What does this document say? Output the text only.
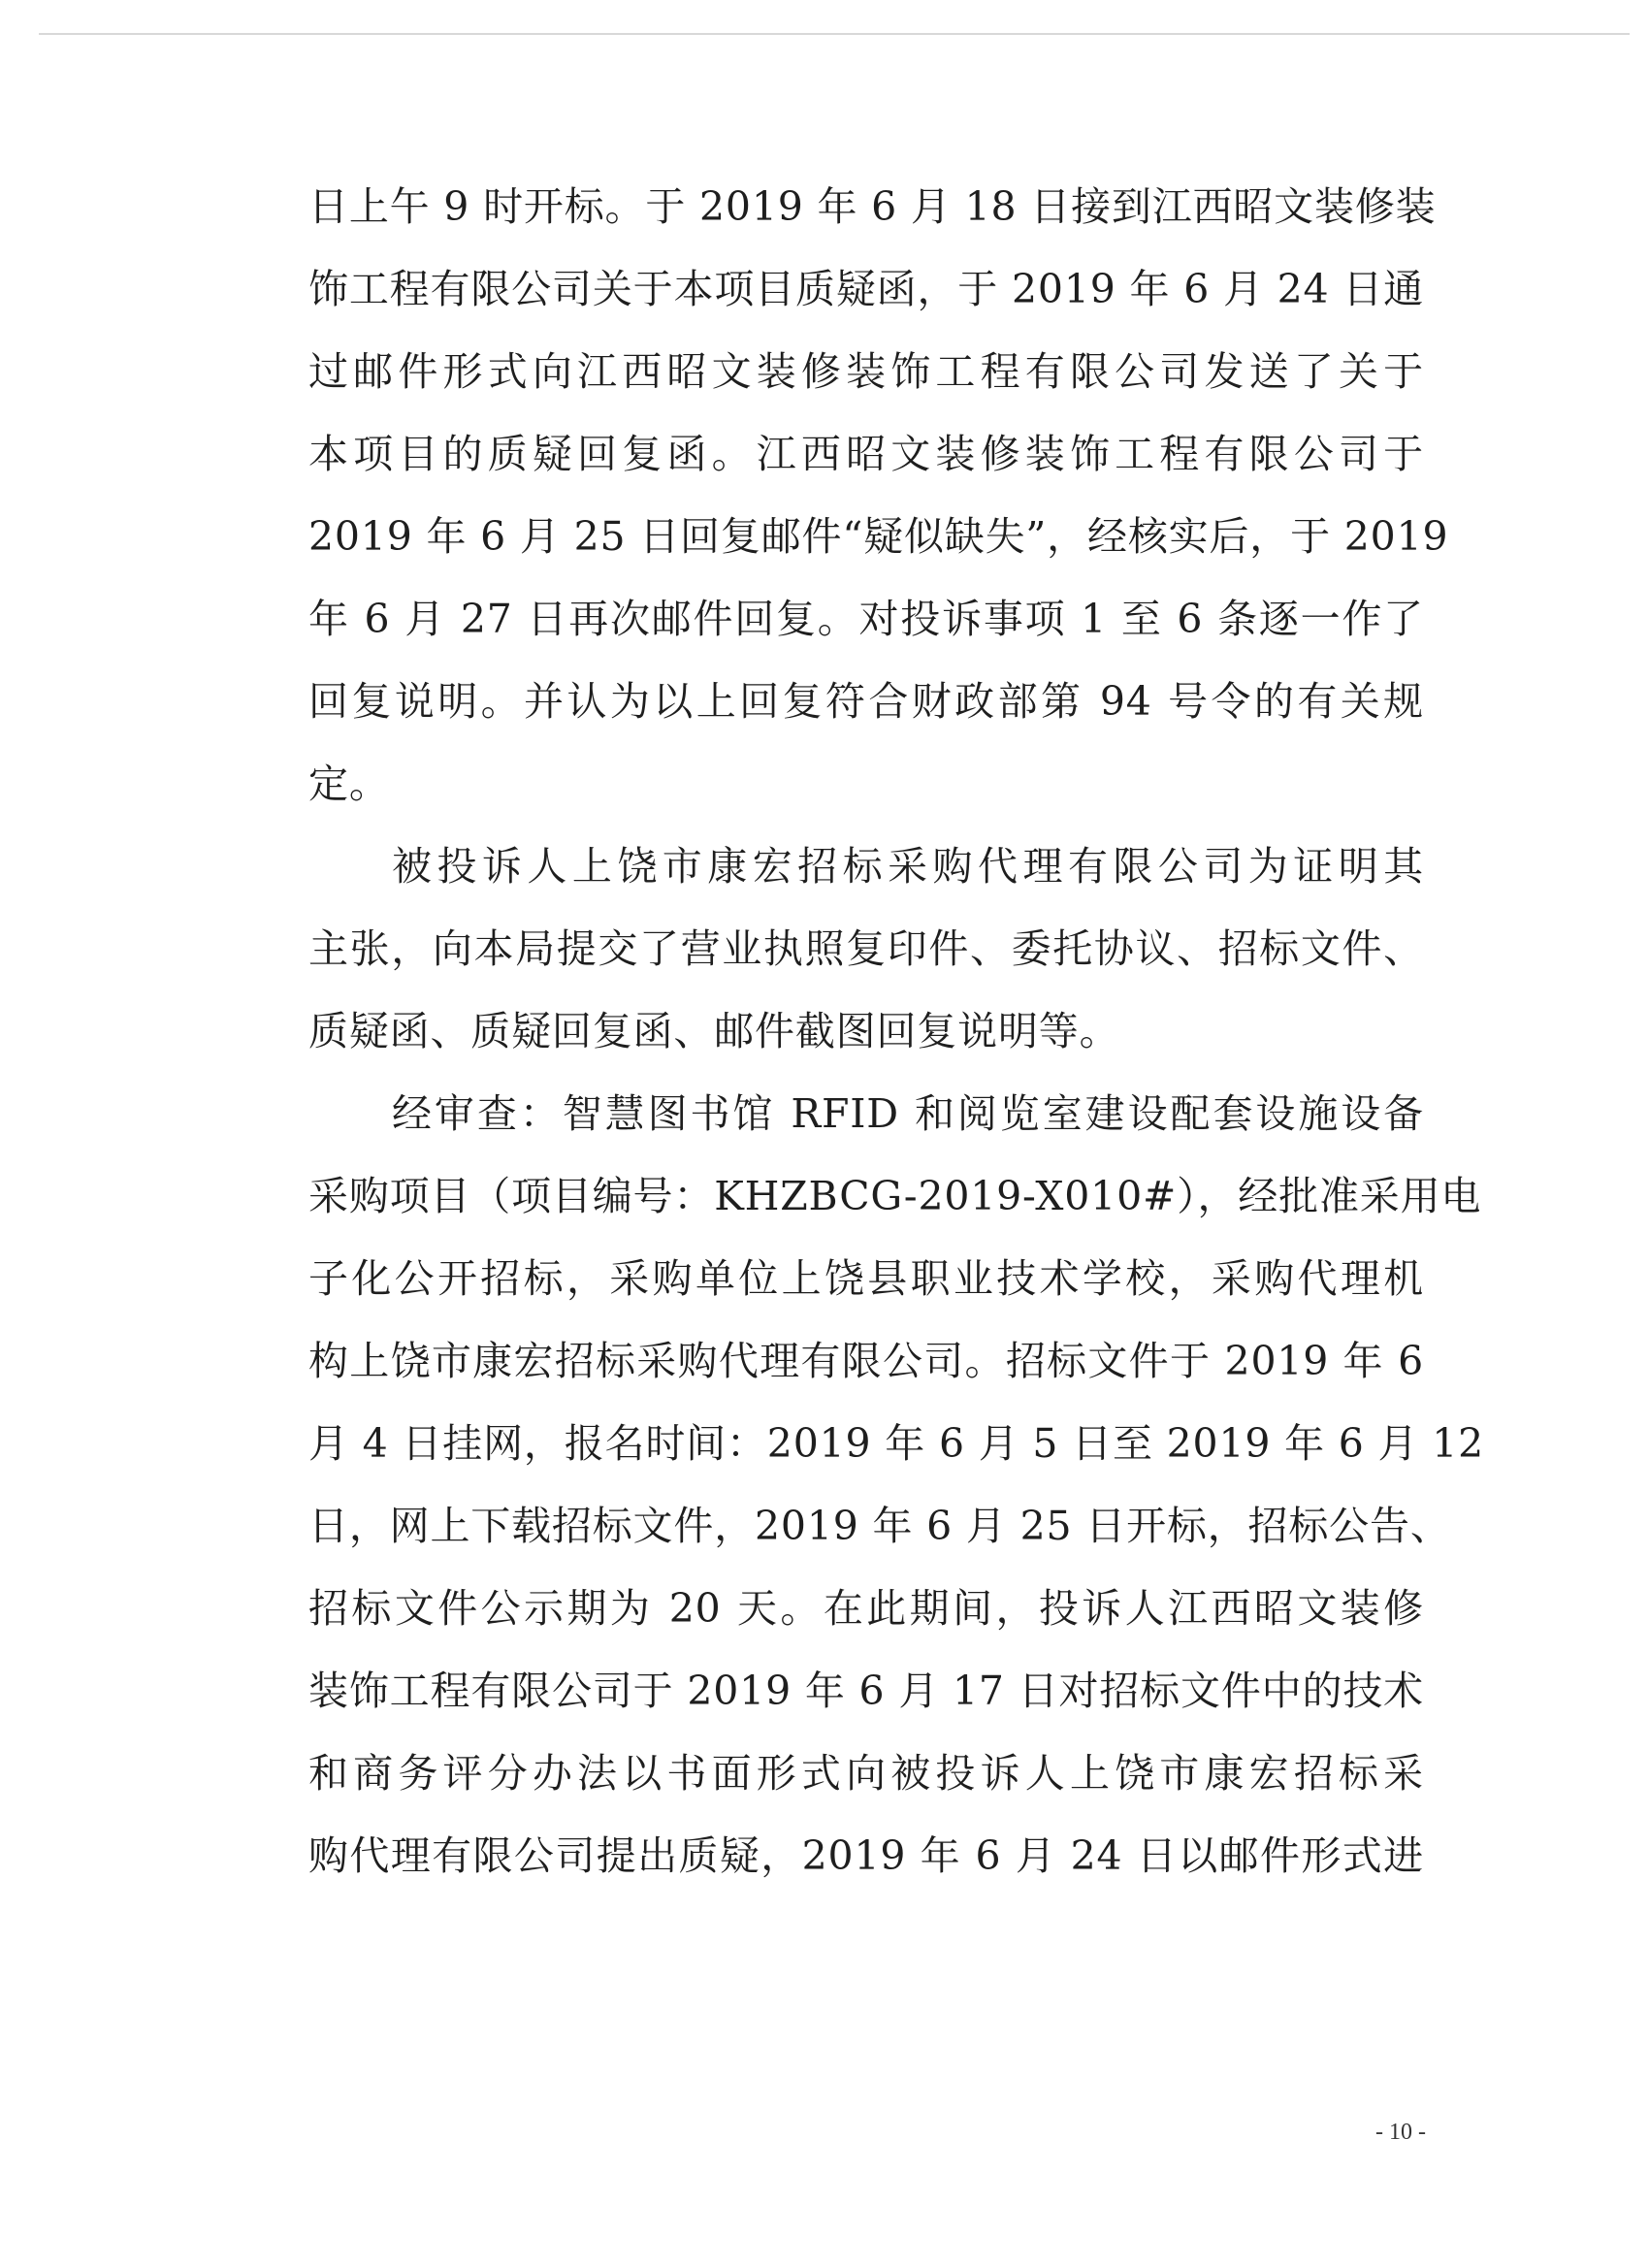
日上午 9 时开标。于 2019 年 6 月 18 日接到江西昭文装修装
饰工程有限公司关于本项目质疑函，于 2019 年 6 月 24 日通
过邮件形式向江西昭文装修装饰工程有限公司发送了关于
本项目的质疑回复函。江西昭文装修装饰工程有限公司于
2019 年 6 月 25 日回复邮件“疑似缺失”，经核实后，于 2019
年 6 月 27 日再次邮件回复。对投诉事项 1 至 6 条逐一作了
回复说明。并认为以上回复符合财政部第 94 号令的有关规
定。
被投诉人上饶市康宏招标采购代理有限公司为证明其
主张，向本局提交了营业执照复印件、委托协议、招标文件、
质疑函、质疑回复函、邮件截图回复说明等。
经审查：智慧图书馆 RFID 和阅览室建设配套设施设备
采购项目（项目编号：KHZBCG-2019-X010#），经批准采用电
子化公开招标，采购单位上饶县职业技术学校，采购代理机
构上饶市康宏招标采购代理有限公司。招标文件于 2019 年 6
月 4 日挂网，报名时间：2019 年 6 月 5 日至 2019 年 6 月 12
日，网上下载招标文件，2019 年 6 月 25 日开标，招标公告、
招标文件公示期为 20 天。在此期间，投诉人江西昭文装修
装饰工程有限公司于 2019 年 6 月 17 日对招标文件中的技术
和商务评分办法以书面形式向被投诉人上饶市康宏招标采
购代理有限公司提出质疑，2019 年 6 月 24 日以邮件形式进
- 10 -
